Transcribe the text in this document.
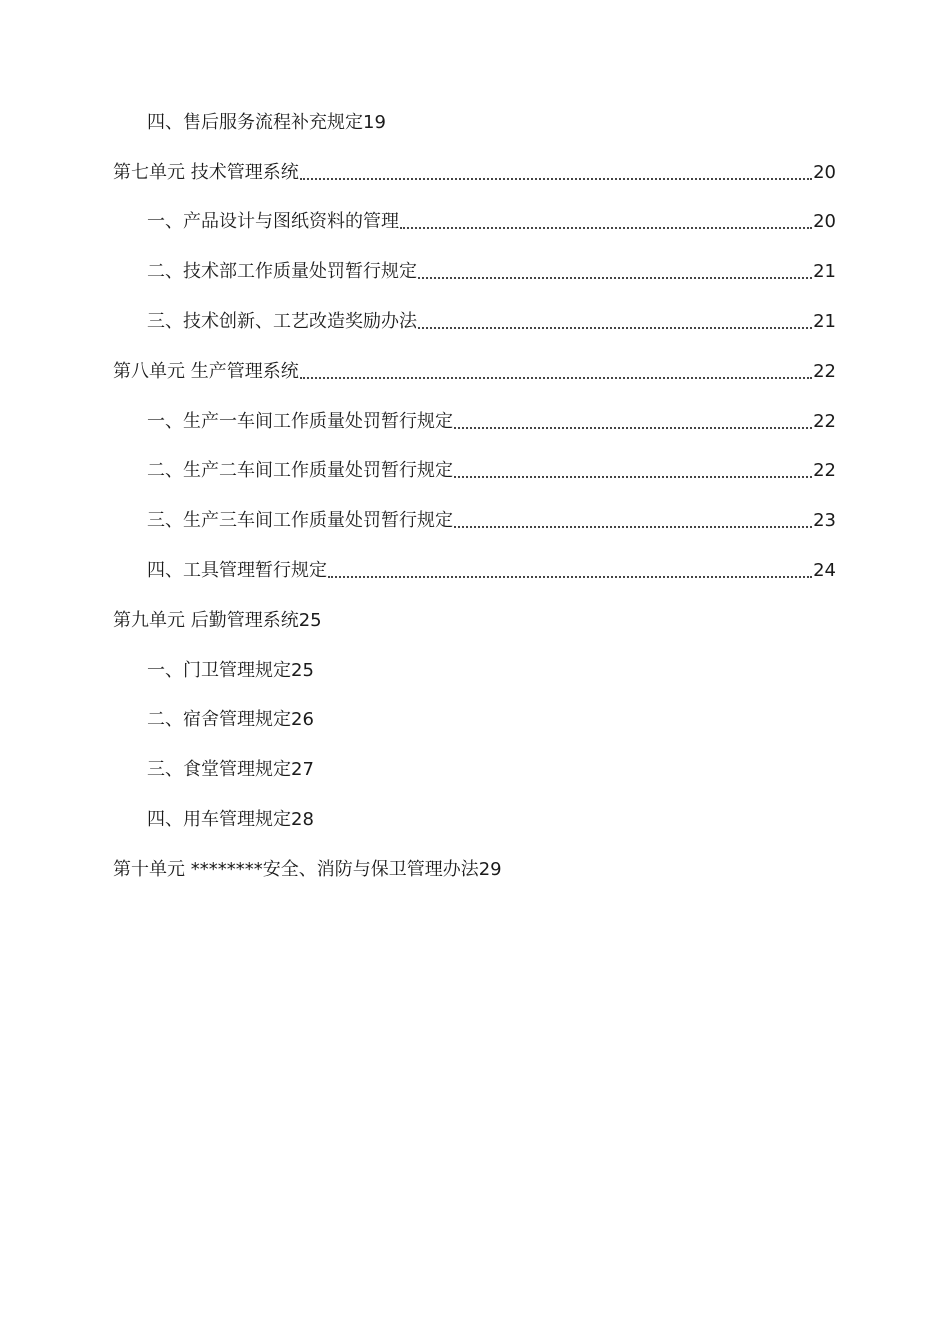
四、售后服务流程补充规定 19
第七单元 技术管理系统	20
一、产品设计与图纸资料的管理	20
二、技术部工作质量处罚暂行规定	21
三、技术创新、工艺改造奖励办法	21
第八单元 生产管理系统	22
一、生产一车间工作质量处罚暂行规定	22
二、生产二车间工作质量处罚暂行规定	22
三、生产三车间工作质量处罚暂行规定	23
四、工具管理暂行规定	24
第九单元 后勤管理系统 25
一、门卫管理规定 25
二、宿舍管理规定 26
三、食堂管理规定 27
四、用车管理规定 28
第十单元 ********安全、消防与保卫管理办法 29
